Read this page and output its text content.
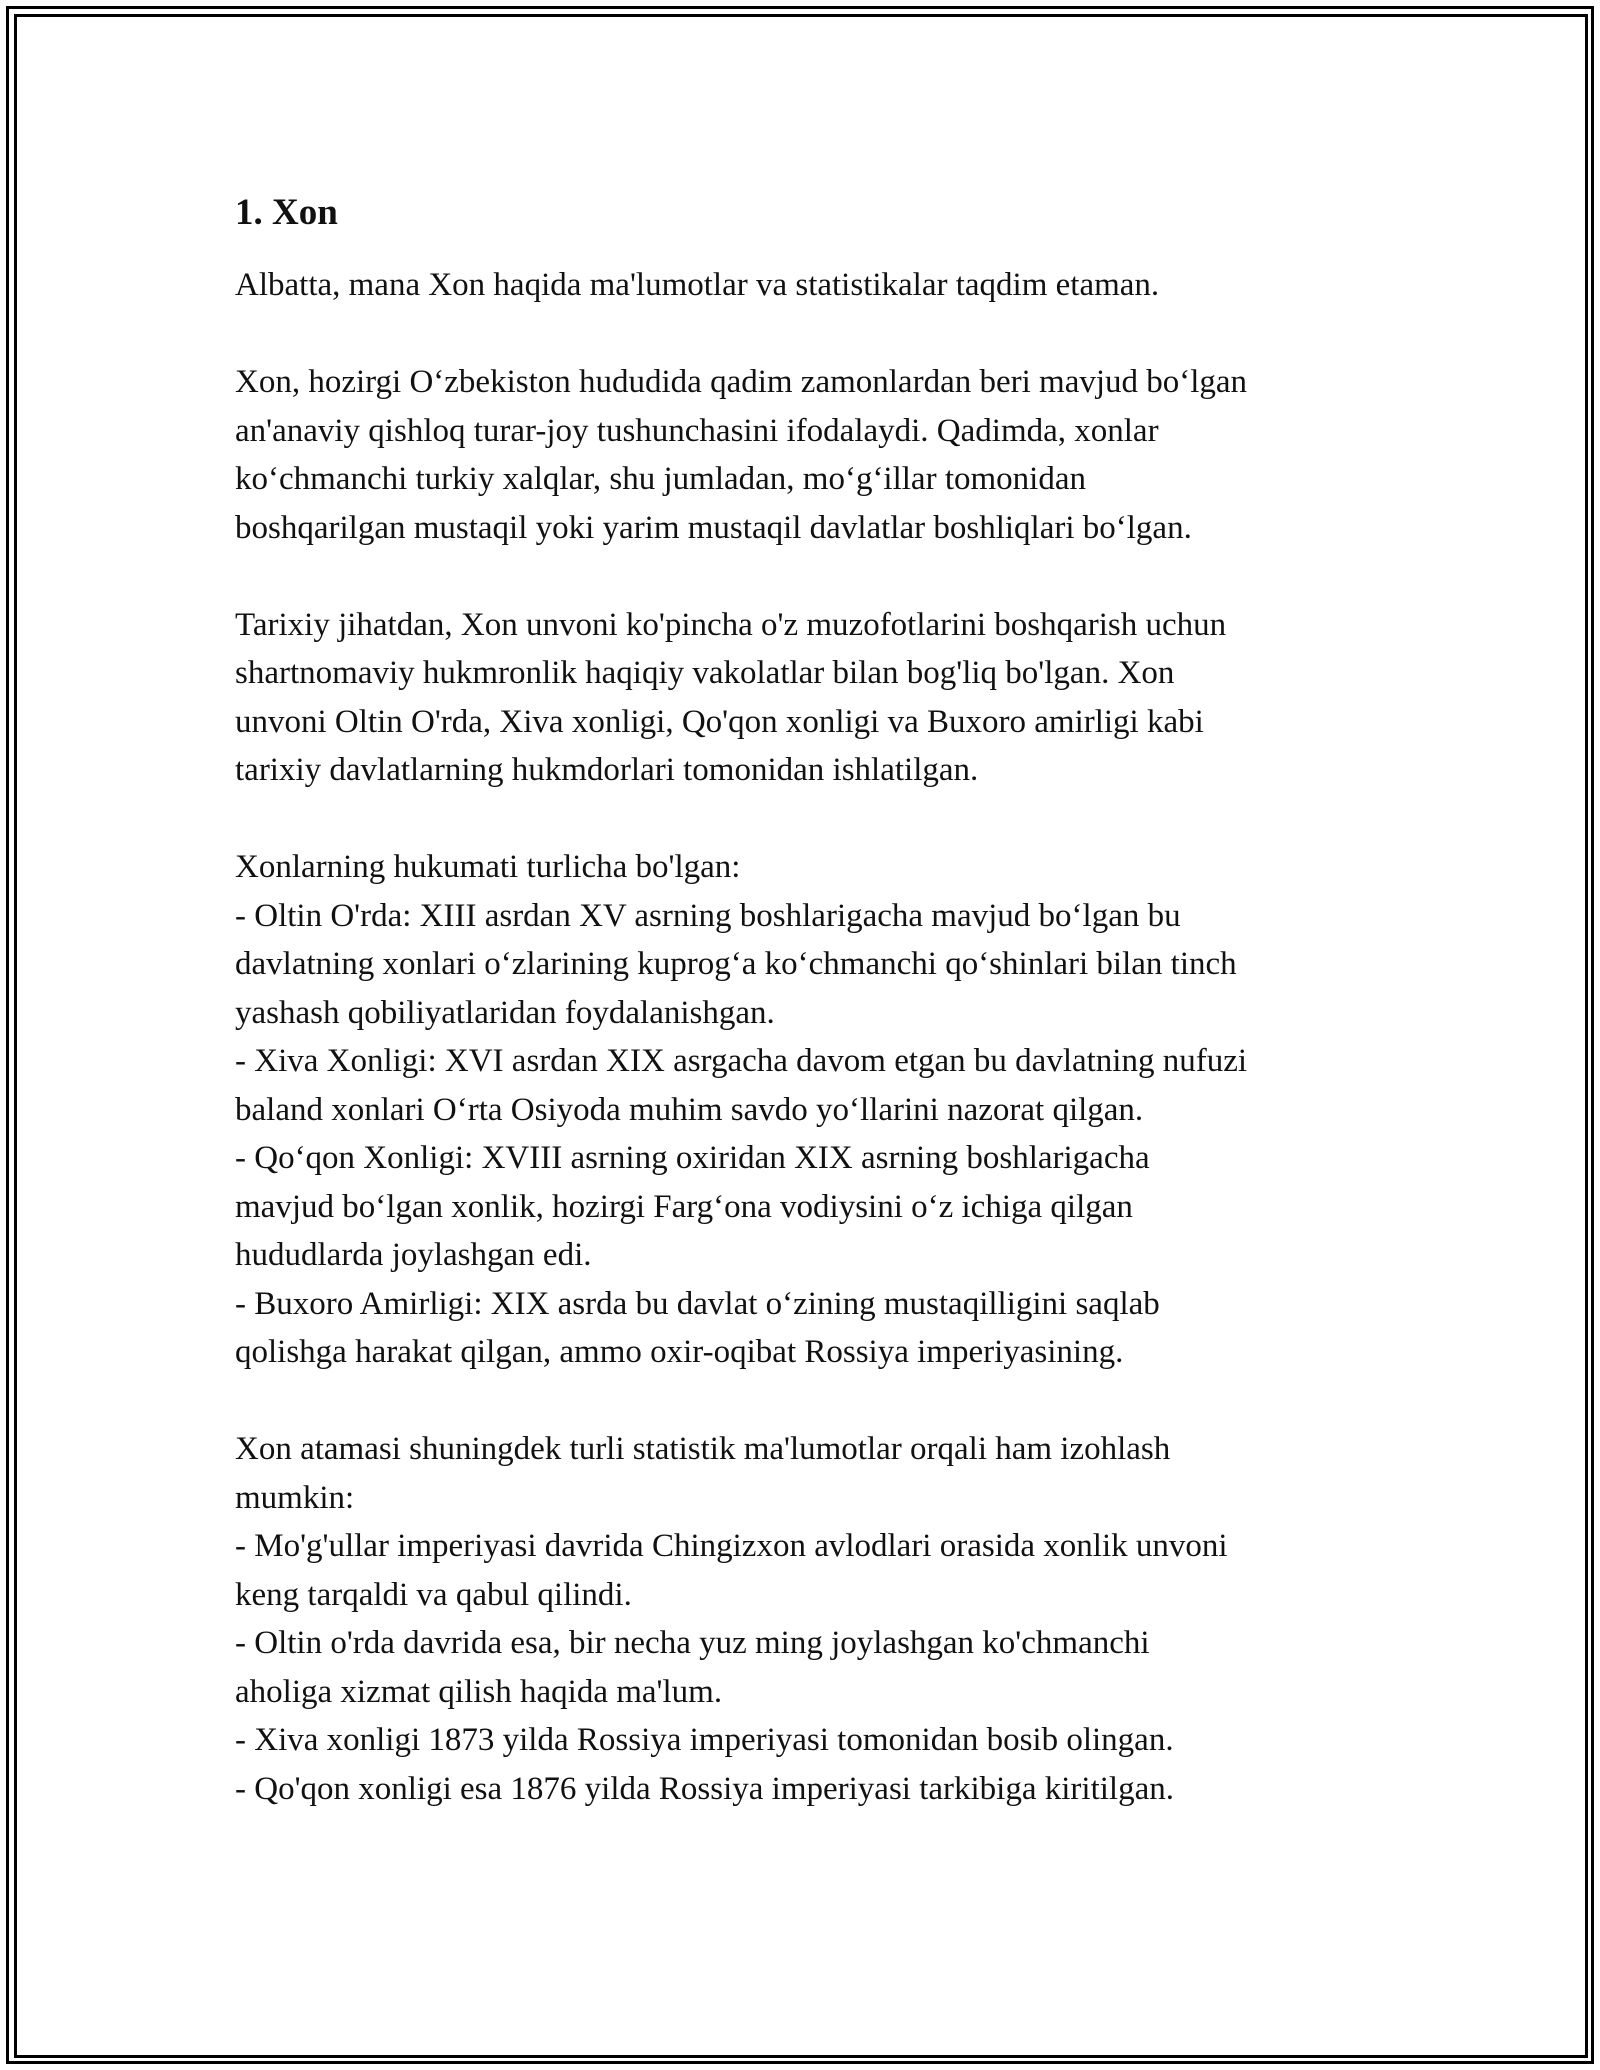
1. Xon

Albatta, mana Xon haqida ma'lumotlar va statistikalar taqdim etaman.

Xon, hozirgi O‘zbekiston hududida qadim zamonlardan beri mavjud bo‘lgan
an'anaviy qishloq turar-joy tushunchasini ifodalaydi. Qadimda, xonlar
ko‘chmanchi turkiy xalqlar, shu jumladan, mo‘g‘illar tomonidan
boshqarilgan mustaqil yoki yarim mustaqil davlatlar boshliqlari bo‘lgan.

Tarixiy jihatdan, Xon unvoni ko'pincha o'z muzofotlarini boshqarish uchun
shartnomaviy hukmronlik haqiqiy vakolatlar bilan bog'liq bo'lgan. Xon
unvoni Oltin O'rda, Xiva xonligi, Qo'qon xonligi va Buxoro amirligi kabi
tarixiy davlatlarning hukmdorlari tomonidan ishlatilgan.

Xonlarning hukumati turlicha bo'lgan:
- Oltin O'rda: XIII asrdan XV asrning boshlarigacha mavjud bo‘lgan bu
davlatning xonlari o‘zlarining kuprog‘a ko‘chmanchi qo‘shinlari bilan tinch
yashash qobiliyatlaridan foydalanishgan.
- Xiva Xonligi: XVI asrdan XIX asrgacha davom etgan bu davlatning nufuzi
baland xonlari O‘rta Osiyoda muhim savdo yo‘llarini nazorat qilgan.
- Qo‘qon Xonligi: XVIII asrning oxiridan XIX asrning boshlarigacha
mavjud bo‘lgan xonlik, hozirgi Farg‘ona vodiysini o‘z ichiga qilgan
hududlarda joylashgan edi.
- Buxoro Amirligi: XIX asrda bu davlat o‘zining mustaqilligini saqlab
qolishga harakat qilgan, ammo oxir-oqibat Rossiya imperiyasining.

Xon atamasi shuningdek turli statistik ma'lumotlar orqali ham izohlash
mumkin:
- Mo'g'ullar imperiyasi davrida Chingizxon avlodlari orasida xonlik unvoni
keng tarqaldi va qabul qilindi.
- Oltin o'rda davrida esa, bir necha yuz ming joylashgan ko'chmanchi
aholiga xizmat qilish haqida ma'lum.
- Xiva xonligi 1873 yilda Rossiya imperiyasi tomonidan bosib olingan.
- Qo'qon xonligi esa 1876 yilda Rossiya imperiyasi tarkibiga kiritilgan.
